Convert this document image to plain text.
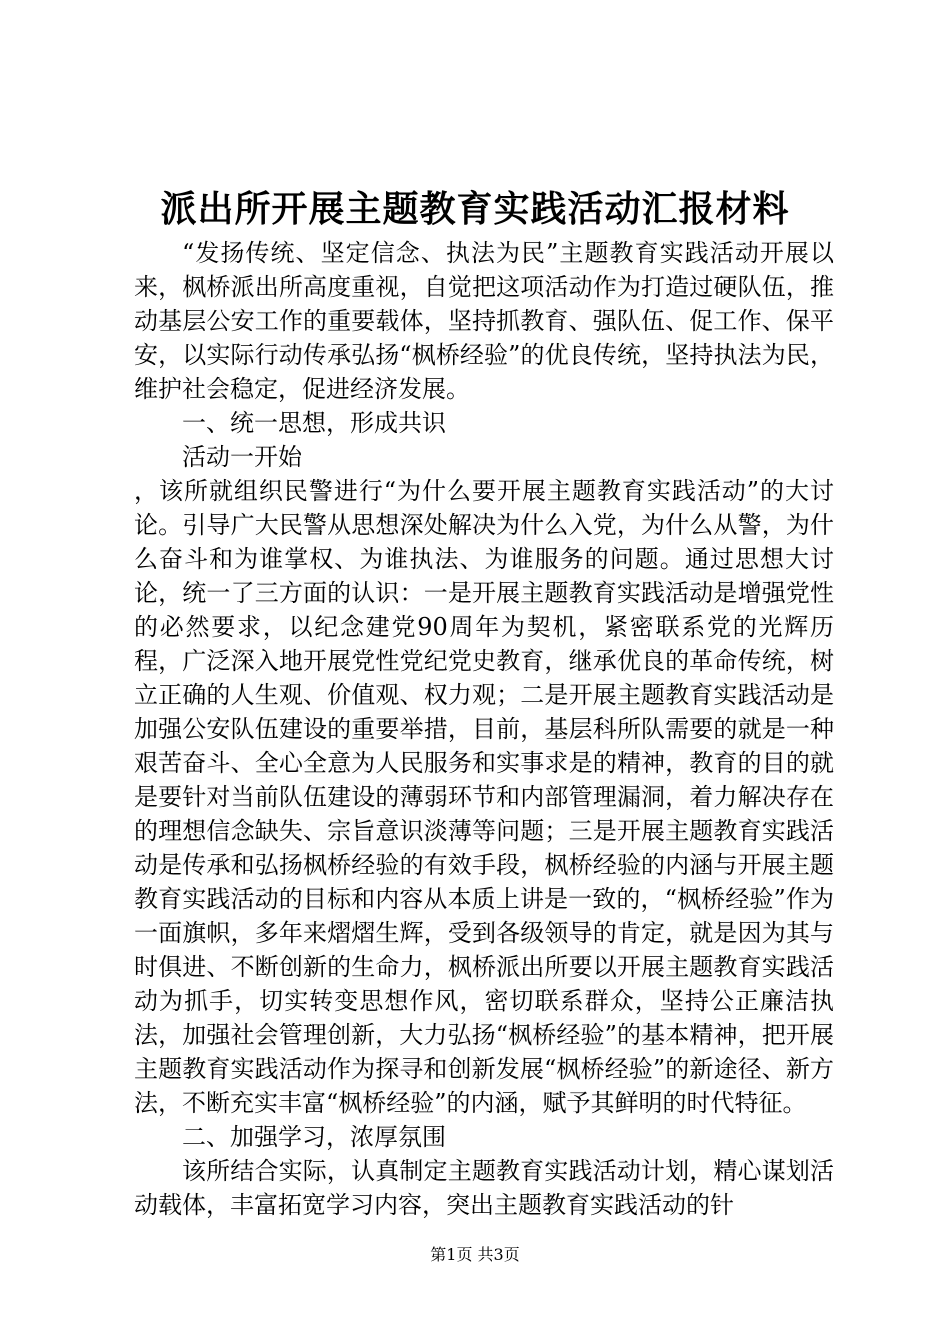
派出所开展主题教育实践活动汇报材料

“发扬传统、坚定信念、执法为民”主题教育实践活动开展以来，枫桥派出所高度重视，自觉把这项活动作为打造过硬队伍，推动基层公安工作的重要载体，坚持抓教育、强队伍、促工作、保平安，以实际行动传承弘扬“枫桥经验”的优良传统，坚持执法为民，维护社会稳定，促进经济发展。

一、统一思想，形成共识

活动一开始

，该所就组织民警进行“为什么要开展主题教育实践活动”的大讨论。引导广大民警从思想深处解决为什么入党，为什么从警，为什么奋斗和为谁掌权、为谁执法、为谁服务的问题。通过思想大讨论，统一了三方面的认识：一是开展主题教育实践活动是增强党性的必然要求，以纪念建党90周年为契机，紧密联系党的光辉历程，广泛深入地开展党性党纪党史教育，继承优良的革命传统，树立正确的人生观、价值观、权力观；二是开展主题教育实践活动是加强公安队伍建设的重要举措，目前，基层科所队需要的就是一种艰苦奋斗、全心全意为人民服务和实事求是的精神，教育的目的就是要针对当前队伍建设的薄弱环节和内部管理漏洞，着力解决存在的理想信念缺失、宗旨意识淡薄等问题；三是开展主题教育实践活动是传承和弘扬枫桥经验的有效手段，枫桥经验的内涵与开展主题教育实践活动的目标和内容从本质上讲是一致的，“枫桥经验”作为一面旗帜，多年来熠熠生辉，受到各级领导的肯定，就是因为其与时俱进、不断创新的生命力，枫桥派出所要以开展主题教育实践活动为抓手，切实转变思想作风，密切联系群众，坚持公正廉洁执法，加强社会管理创新，大力弘扬“枫桥经验”的基本精神，把开展主题教育实践活动作为探寻和创新发展“枫桥经验”的新途径、新方法，不断充实丰富“枫桥经验”的内涵，赋予其鲜明的时代特征。

二、加强学习，浓厚氛围

该所结合实际，认真制定主题教育实践活动计划，精心谋划活动载体，丰富拓宽学习内容，突出主题教育实践活动的针

第1页 共3页
